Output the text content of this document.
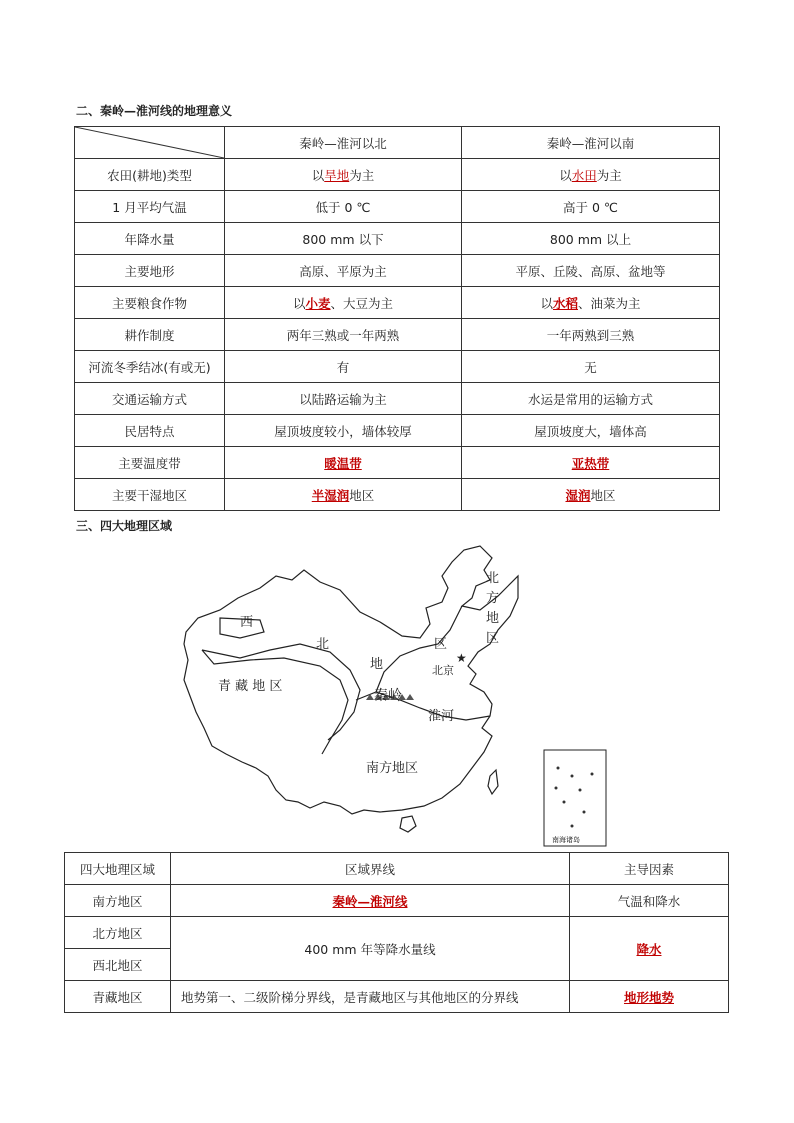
二、秦岭—淮河线的地理意义
	秦岭—淮河以北	秦岭—淮河以南
农田(耕地)类型	以旱地为主	以水田为主
1 月平均气温	低于 0 ℃	高于 0 ℃
年降水量	800 mm 以下	800 mm 以上
主要地形	高原、平原为主	平原、丘陵、高原、盆地等
主要粮食作物	以小麦、大豆为主	以水稻、油菜为主
耕作制度	两年三熟或一年两熟	一年两熟到三熟
河流冬季结冰(有或无)	有	无
交通运输方式	以陆路运输为主	水运是常用的运输方式
民居特点	屋顶坡度较小，墙体较厚	屋顶坡度大，墙体高
主要温度带	暖温带	亚热带
主要干湿地区	半湿润地区	湿润地区
三、四大地理区域
南海诸岛
西
北
地
区
青 藏 地 区
北
方
地
区
北京
秦岭
淮河
南方地区
★
四大地理区域	区域界线	主导因素
南方地区	秦岭—淮河线	气温和降水
北方地区	400 mm 年等降水量线	降水
西北地区		
青藏地区	地势第一、二级阶梯分界线，是青藏地区与其他地区的分界线	地形地势
